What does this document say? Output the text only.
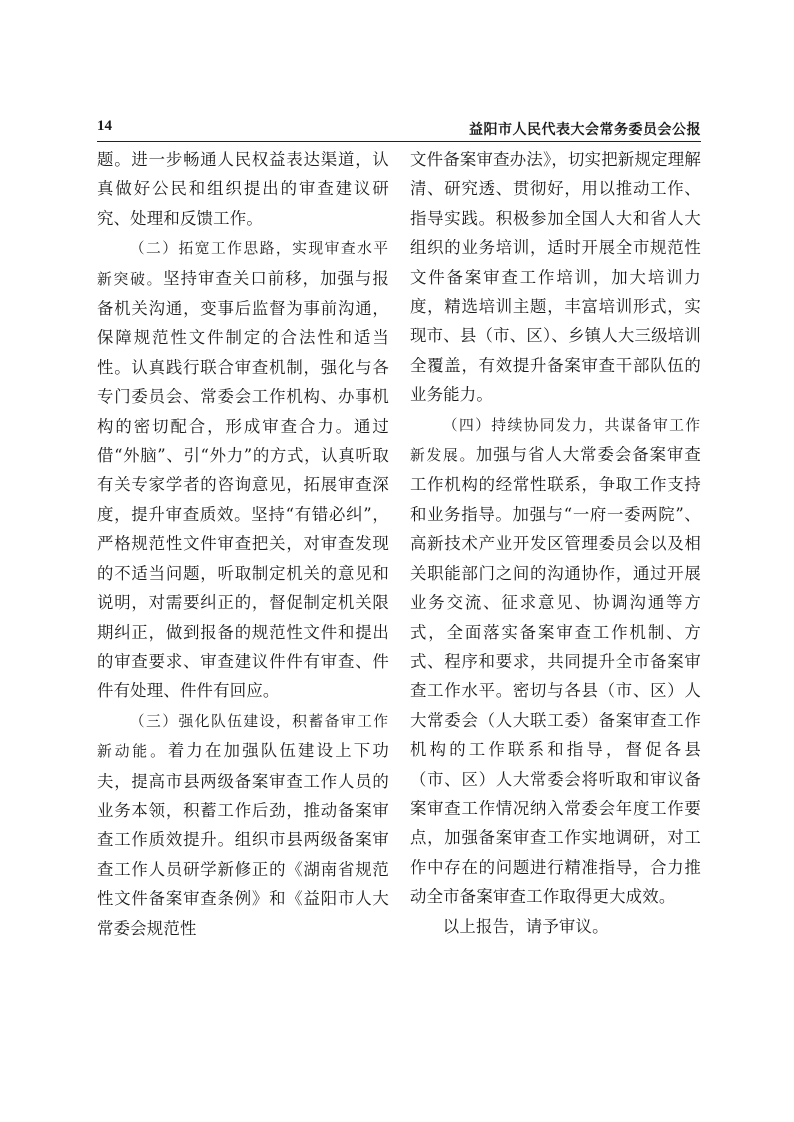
14	益阳市人民代表大会常务委员会公报

题。进一步畅通人民权益表达渠道，认真做好公民和组织提出的审查建议研究、处理和反馈工作。

（二）拓宽工作思路，实现审查水平新突破。坚持审查关口前移，加强与报备机关沟通，变事后监督为事前沟通，保障规范性文件制定的合法性和适当性。认真践行联合审查机制，强化与各专门委员会、常委会工作机构、办事机构的密切配合，形成审查合力。通过借“外脑”、引“外力”的方式，认真听取有关专家学者的咨询意见，拓展审查深度，提升审查质效。坚持“有错必纠”，严格规范性文件审查把关，对审查发现的不适当问题，听取制定机关的意见和说明，对需要纠正的，督促制定机关限期纠正，做到报备的规范性文件和提出的审查要求、审查建议件件有审查、件件有处理、件件有回应。

（三）强化队伍建设，积蓄备审工作新动能。着力在加强队伍建设上下功夫，提高市县两级备案审查工作人员的业务本领，积蓄工作后劲，推动备案审查工作质效提升。组织市县两级备案审查工作人员研学新修正的《湖南省规范性文件备案审查条例》和《益阳市人大常委会规范性

文件备案审查办法》，切实把新规定理解清、研究透、贯彻好，用以推动工作、指导实践。积极参加全国人大和省人大组织的业务培训，适时开展全市规范性文件备案审查工作培训，加大培训力度，精选培训主题，丰富培训形式，实现市、县（市、区）、乡镇人大三级培训全覆盖，有效提升备案审查干部队伍的业务能力。

（四）持续协同发力，共谋备审工作新发展。加强与省人大常委会备案审查工作机构的经常性联系，争取工作支持和业务指导。加强与“一府一委两院”、高新技术产业开发区管理委员会以及相关职能部门之间的沟通协作，通过开展业务交流、征求意见、协调沟通等方式，全面落实备案审查工作机制、方式、程序和要求，共同提升全市备案审查工作水平。密切与各县（市、区）人大常委会（人大联工委）备案审查工作机构的工作联系和指导，督促各县（市、区）人大常委会将听取和审议备案审查工作情况纳入常委会年度工作要点，加强备案审查工作实地调研，对工作中存在的问题进行精准指导，合力推动全市备案审查工作取得更大成效。

以上报告，请予审议。
